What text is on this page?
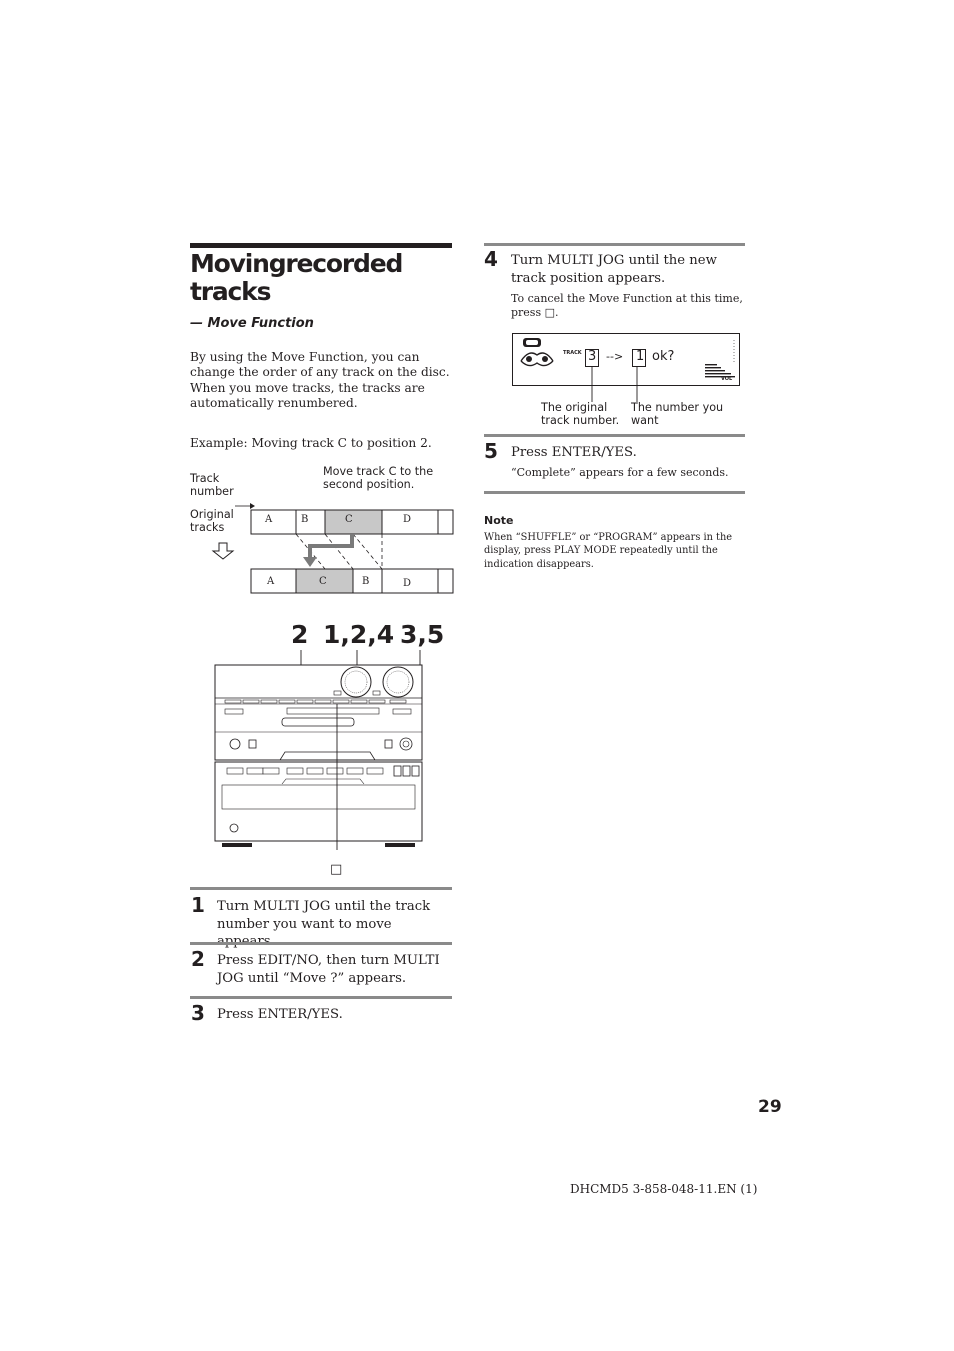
Movingrecorded tracks
— Move Function
By using the Move Function, you can change the order of any track on the disc. When you move tracks, the tracks are automatically renumbered.
Example: Moving track C to position 2.
Track number
Move track C to the second position.
Original tracks
A	B	C	D
A	C	B	D
2 1,2,4 3,5
□
1 Turn MULTI JOG until the track number you want to move
2 Press EDIT/NO, then turn MULTI JOG until “Move ?” appears.
3 Press ENTER/YES.
4 Turn MULTI JOG until the new track position appears.
To cancel the Move Function at this time, press □.
TRACK 3 --> 1 ok?
VOL
The original track number.
The number you want
5 Press ENTER/YES.
“Complete” appears for a few seconds.
Note
When “SHUFFLE” or “PROGRAM” appears in the display, press PLAY MODE repeatedly until the indication disappears.
29
DHCMD5 3-858-048-11.EN (1)
